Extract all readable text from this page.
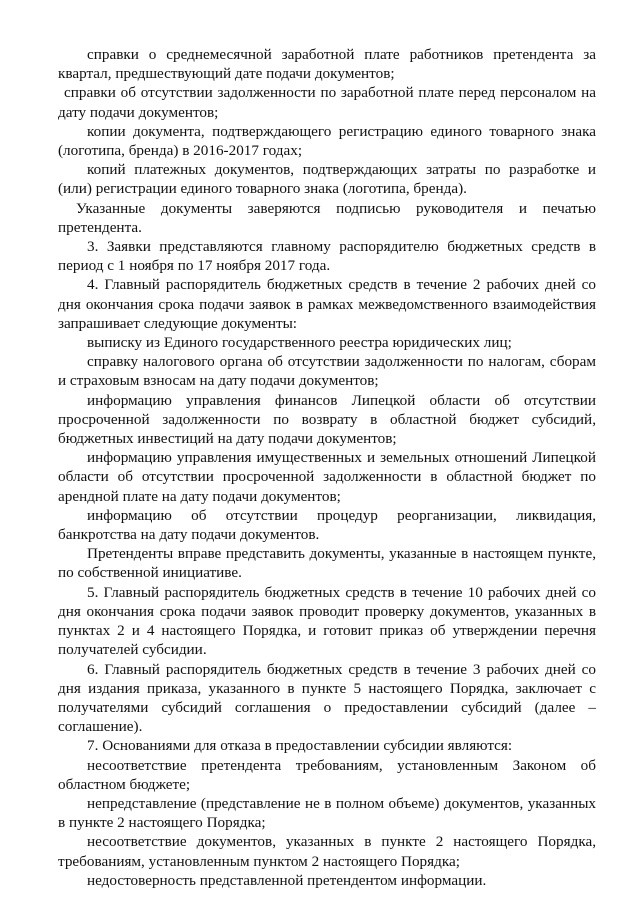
справки о среднемесячной заработной плате работников претендента за квартал, предшествующий дате подачи документов;

справки об отсутствии задолженности по заработной плате перед персоналом на дату подачи документов;

копии документа, подтверждающего регистрацию единого товарного знака (логотипа, бренда) в 2016-2017 годах;

копий платежных документов, подтверждающих затраты по разработке и (или) регистрации единого товарного знака (логотипа, бренда).

Указанные документы заверяются подписью руководителя и печатью претендента.

3. Заявки представляются главному распорядителю бюджетных средств в период с 1 ноября по 17 ноября 2017 года.

4. Главный распорядитель бюджетных средств в течение 2 рабочих дней со дня окончания срока подачи заявок в рамках межведомственного взаимодействия запрашивает следующие документы:

выписку из Единого государственного реестра юридических лиц;

справку налогового органа об отсутствии задолженности по налогам, сборам и страховым взносам на дату подачи документов;

информацию управления финансов Липецкой области об отсутствии просроченной задолженности по возврату в областной бюджет субсидий, бюджетных инвестиций на дату подачи документов;

информацию управления имущественных и земельных отношений Липецкой области об отсутствии просроченной задолженности в областной бюджет по арендной плате на дату подачи документов;

информацию об отсутствии процедур реорганизации, ликвидация, банкротства на дату подачи документов.

Претенденты вправе представить документы, указанные в настоящем пункте, по собственной инициативе.

5. Главный распорядитель бюджетных средств в течение 10 рабочих дней со дня окончания срока подачи заявок проводит проверку документов, указанных в пунктах 2 и 4 настоящего Порядка, и готовит приказ об утверждении перечня получателей субсидии.

6. Главный распорядитель бюджетных средств в течение 3 рабочих дней со дня издания приказа, указанного в пункте 5 настоящего Порядка, заключает с получателями субсидий соглашения о предоставлении субсидий (далее – соглашение).

7. Основаниями для отказа в предоставлении субсидии являются:

несоответствие претендента требованиям, установленным Законом об областном бюджете;

непредставление (представление не в полном объеме) документов, указанных в пункте 2 настоящего Порядка;

несоответствие документов, указанных в пункте 2 настоящего Порядка, требованиям, установленным пунктом 2 настоящего Порядка;

недостоверность представленной претендентом информации.
